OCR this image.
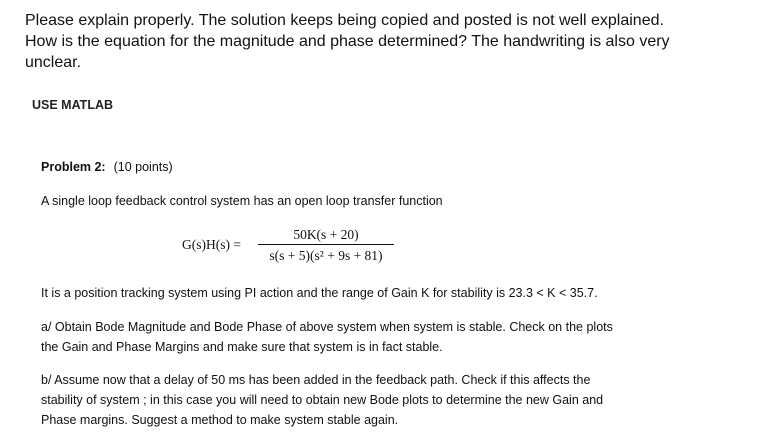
Please explain properly. The solution keeps being copied and posted is not well explained.
How is the equation for the magnitude and phase determined? The handwriting is also very
unclear.
USE MATLAB
Problem 2: (10 points)
A single loop feedback control system has an open loop transfer function
G(s)H(s) =
50K(s + 20)
s(s + 5)(s² + 9s + 81)
It is a position tracking system using PI action and the range of Gain K for stability is 23.3 < K < 35.7.
a/ Obtain Bode Magnitude and Bode Phase of above system when system is stable. Check on the plots
the Gain and Phase Margins and make sure that system is in fact stable.
b/ Assume now that a delay of 50 ms has been added in the feedback path. Check if this affects the
stability of system ; in this case you will need to obtain new Bode plots to determine the new Gain and
Phase margins. Suggest a method to make system stable again.
